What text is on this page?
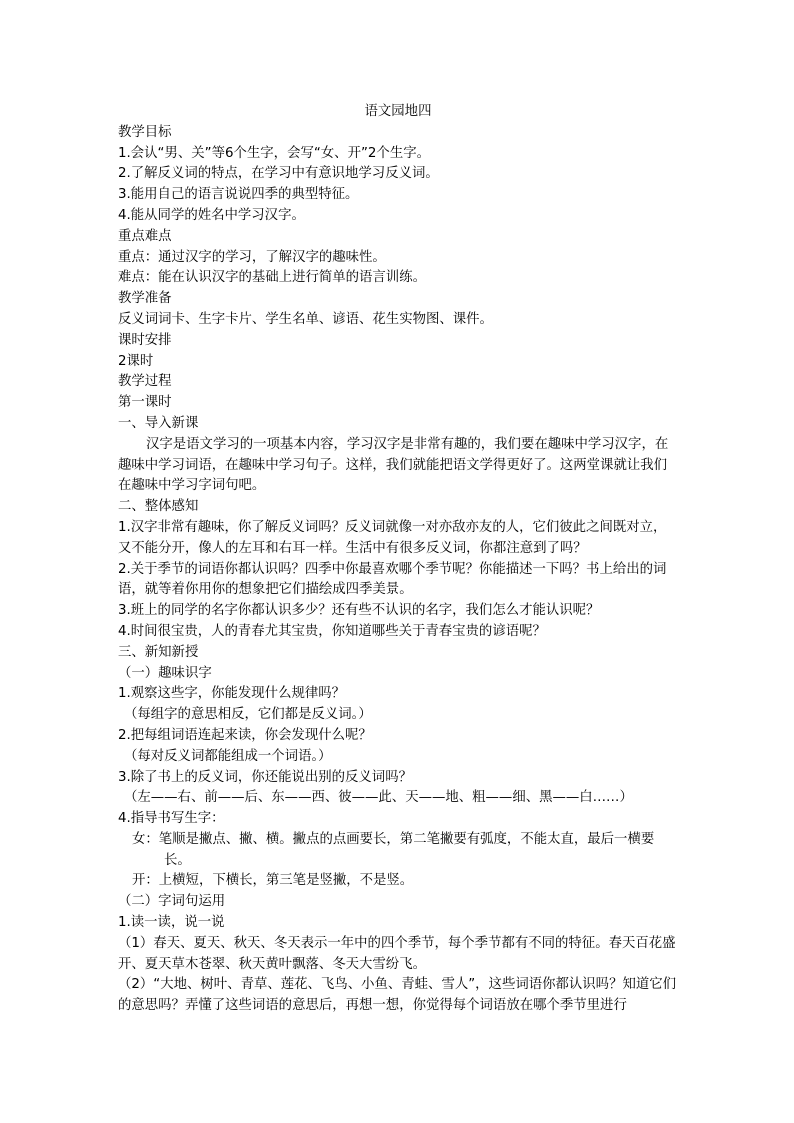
语文园地四
教学目标
1.会认“男、关”等6个生字，会写“女、开”2个生字。
2.了解反义词的特点，在学习中有意识地学习反义词。
3.能用自己的语言说说四季的典型特征。
4.能从同学的姓名中学习汉字。
重点难点
重点：通过汉字的学习，了解汉字的趣味性。
难点：能在认识汉字的基础上进行简单的语言训练。
教学准备
反义词词卡、生字卡片、学生名单、谚语、花生实物图、课件。
课时安排
2课时
教学过程
第一课时
一、导入新课
汉字是语文学习的一项基本内容，学习汉字是非常有趣的，我们要在趣味中学习汉字，在趣味中学习词语，在趣味中学习句子。这样，我们就能把语文学得更好了。这两堂课就让我们在趣味中学习字词句吧。
二、整体感知
1.汉字非常有趣味，你了解反义词吗？反义词就像一对亦敌亦友的人，它们彼此之间既对立，又不能分开，像人的左耳和右耳一样。生活中有很多反义词，你都注意到了吗？
2.关于季节的词语你都认识吗？四季中你最喜欢哪个季节呢？你能描述一下吗？书上给出的词语，就等着你用你的想象把它们描绘成四季美景。
3.班上的同学的名字你都认识多少？还有些不认识的名字，我们怎么才能认识呢？
4.时间很宝贵，人的青春尤其宝贵，你知道哪些关于青春宝贵的谚语呢？
三、新知新授
（一）趣味识字
1.观察这些字，你能发现什么规律吗？
（每组字的意思相反，它们都是反义词。）
2.把每组词语连起来读，你会发现什么呢？
（每对反义词都能组成一个词语。）
3.除了书上的反义词，你还能说出别的反义词吗？
（左——右、前——后、东——西、彼——此、天——地、粗——细、黑——白……）
4.指导书写生字：
女：笔顺是撇点、撇、横。撇点的点画要长，第二笔撇要有弧度，不能太直，最后一横要长。
开：上横短，下横长，第三笔是竖撇，不是竖。
（二）字词句运用
1.读一读，说一说
（1）春天、夏天、秋天、冬天表示一年中的四个季节，每个季节都有不同的特征。春天百花盛开、夏天草木苍翠、秋天黄叶飘落、冬天大雪纷飞。
（2）“大地、树叶、青草、莲花、飞鸟、小鱼、青蛙、雪人”，这些词语你都认识吗？知道它们的意思吗？弄懂了这些词语的意思后，再想一想，你觉得每个词语放在哪个季节里进行
